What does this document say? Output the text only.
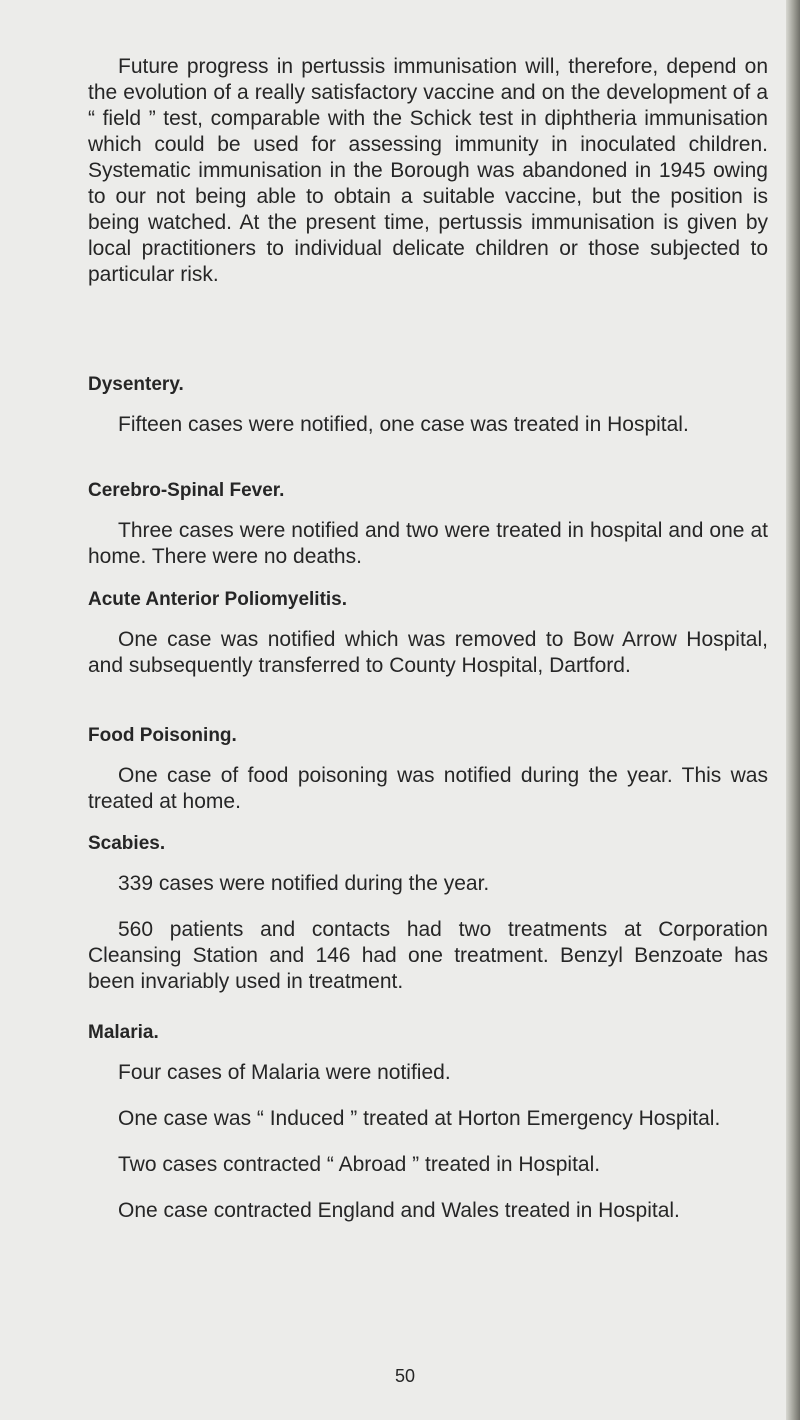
Future progress in pertussis immunisation will, therefore, depend on the evolution of a really satisfactory vaccine and on the development of a “ field ” test, comparable with the Schick test in diphtheria immunisation which could be used for assessing immunity in inoculated children. Systematic immunisation in the Borough was abandoned in 1945 owing to our not being able to obtain a suitable vaccine, but the position is being watched. At the present time, pertussis immunisation is given by local practitioners to individual delicate children or those subjected to particular risk.

Dysentery.

Fifteen cases were notified, one case was treated in Hospital.

Cerebro-Spinal Fever.

Three cases were notified and two were treated in hospital and one at home. There were no deaths.

Acute Anterior Poliomyelitis.

One case was notified which was removed to Bow Arrow Hospital, and subsequently transferred to County Hospital, Dartford.

Food Poisoning.

One case of food poisoning was notified during the year. This was treated at home.

Scabies.

339 cases were notified during the year.

560 patients and contacts had two treatments at Corporation Cleansing Station and 146 had one treatment. Benzyl Benzoate has been invariably used in treatment.

Malaria.

Four cases of Malaria were notified.

One case was “ Induced ” treated at Horton Emergency Hospital.

Two cases contracted “ Abroad ” treated in Hospital.

One case contracted England and Wales treated in Hospital.

50
